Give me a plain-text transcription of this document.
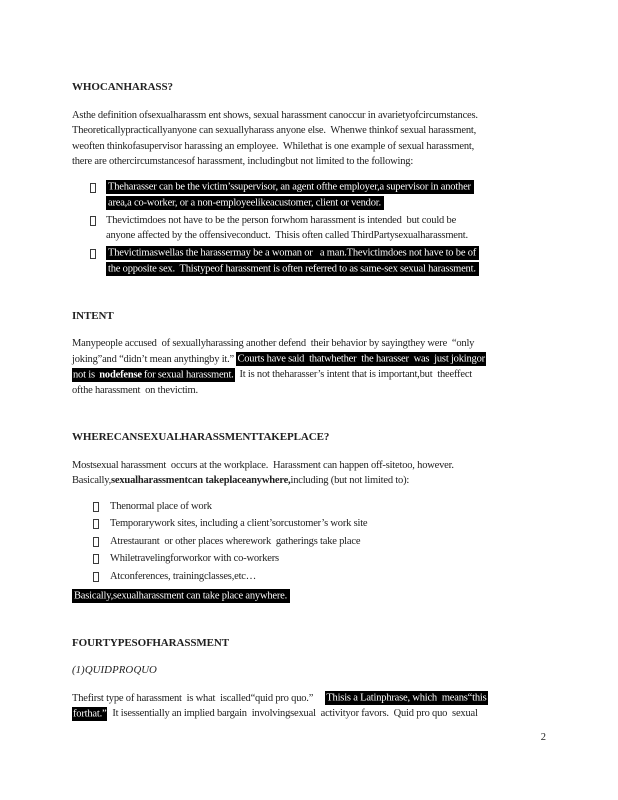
WHO CAN HARASS?
Asthe definition ofsexualharassm ent shows, sexual harassment canoccur in avarietyofcircumstances.
Theoreticallypracticallyanyone can sexuallyharass anyone else.  Whenwe thinkof sexual harassment,
weoften thinkofasupervisor harassing an employee.  Whilethat is one example of sexual harassment,
there are othercircumstancesof harassment, includingbut not limited to the following:
Theharasser can be the victim’ssupervisor, an agent ofthe employer,a supervisor in another
area,a co-worker, or a non-employeelikeacustomer, client or vendor.
Thevictimdoes not have to be the person forwhom harassment is intended  but could be
anyone affected by the offensiveconduct.  Thisis often called ThirdPartysexualharassment.
Thevictimaswellas the harassermay be a woman or   a man.Thevictimdoes not have to be of
the opposite sex.  Thistypeof harassment is often referred to as same-sex sexual harassment.
INTENT
Manypeople accused  of sexuallyharassing another defend  their behavior by sayingthey were  “only
joking”and “didn’t mean anythingby it.” Courts have said  thatwhether  the harasser  was  just jokingor
not is nodefense for sexual harassment.  It is not theharasser’s intent that is important,but  theeffect
ofthe harassment  on thevictim.
WHERE CAN SEXUAL HARASSMENT TAKE PLACE?
Mostsexual harassment  occurs at the workplace.  Harassment can happen off-sitetoo, however.
Basically,sexualharassmentcan takeplaceanywhere,including (but not limited to):
Thenormal place of work
Temporarywork sites, including a client’sorcustomer’s work site
Atrestaurant  or other places wherework  gatherings take place
Whiletravelingforworkor with co-workers
Atconferences, trainingclasses,etc…
Basically,sexualharassment can take place anywhere.
FOUR TYPES OF HARASSMENT
(1) QUID PRO QUO
Thefirst type of harassment  is what  iscalled“quid pro quo.”     Thisis a Latinphrase, which  means“this
forthat.”  It isessentially an implied bargain  involvingsexual  activityor favors.  Quid pro quo  sexual
2
